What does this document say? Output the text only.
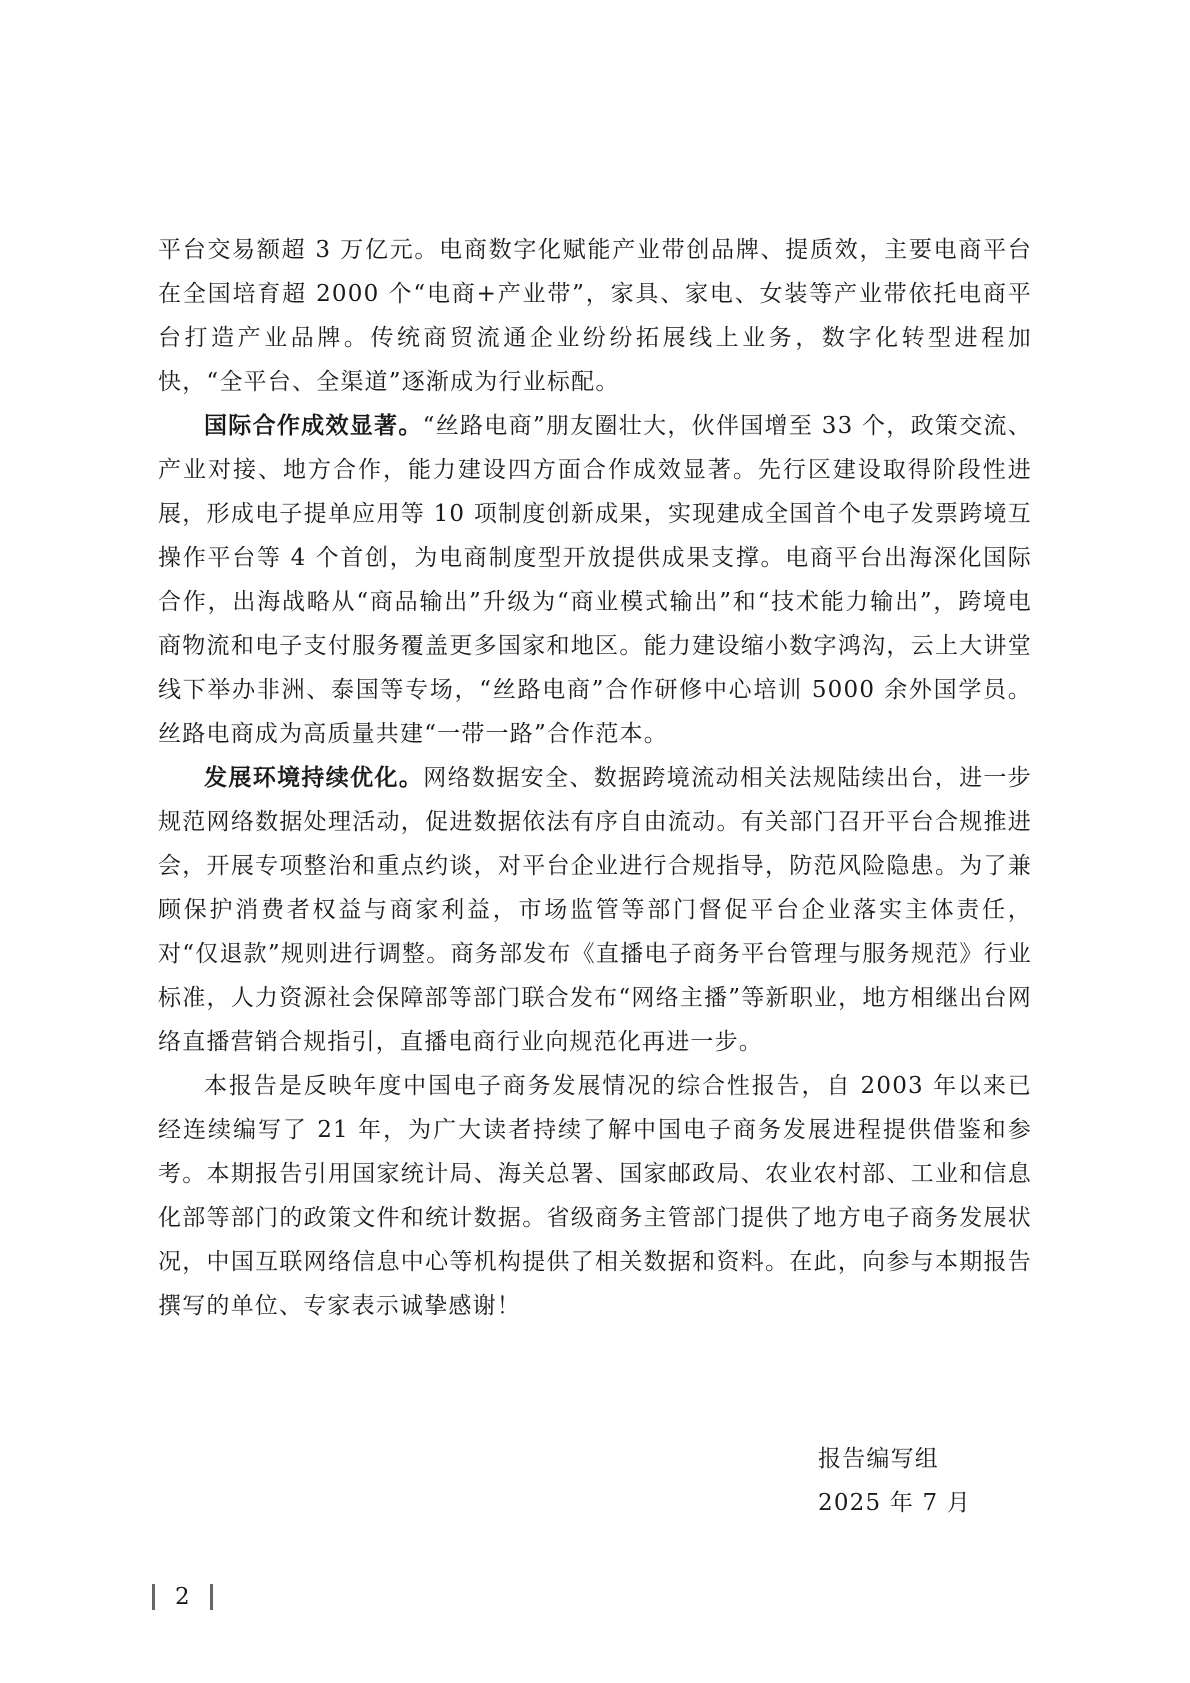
平台交易额超 3 万亿元。电商数字化赋能产业带创品牌、提质效，主要电商平台在全国培育超 2000 个“电商+产业带”，家具、家电、女装等产业带依托电商平台打造产业品牌。传统商贸流通企业纷纷拓展线上业务，数字化转型进程加快，“全平台、全渠道”逐渐成为行业标配。

国际合作成效显著。“丝路电商”朋友圈壮大，伙伴国增至 33 个，政策交流、产业对接、地方合作，能力建设四方面合作成效显著。先行区建设取得阶段性进展，形成电子提单应用等 10 项制度创新成果，实现建成全国首个电子发票跨境互操作平台等 4 个首创，为电商制度型开放提供成果支撑。电商平台出海深化国际合作，出海战略从“商品输出”升级为“商业模式输出”和“技术能力输出”，跨境电商物流和电子支付服务覆盖更多国家和地区。能力建设缩小数字鸿沟，云上大讲堂线下举办非洲、泰国等专场，“丝路电商”合作研修中心培训 5000 余外国学员。丝路电商成为高质量共建“一带一路”合作范本。

发展环境持续优化。网络数据安全、数据跨境流动相关法规陆续出台，进一步规范网络数据处理活动，促进数据依法有序自由流动。有关部门召开平台合规推进会，开展专项整治和重点约谈，对平台企业进行合规指导，防范风险隐患。为了兼顾保护消费者权益与商家利益，市场监管等部门督促平台企业落实主体责任，对“仅退款”规则进行调整。商务部发布《直播电子商务平台管理与服务规范》行业标准，人力资源社会保障部等部门联合发布“网络主播”等新职业，地方相继出台网络直播营销合规指引，直播电商行业向规范化再进一步。

本报告是反映年度中国电子商务发展情况的综合性报告，自 2003 年以来已经连续编写了 21 年，为广大读者持续了解中国电子商务发展进程提供借鉴和参考。本期报告引用国家统计局、海关总署、国家邮政局、农业农村部、工业和信息化部等部门的政策文件和统计数据。省级商务主管部门提供了地方电子商务发展状况，中国互联网络信息中心等机构提供了相关数据和资料。在此，向参与本期报告撰写的单位、专家表示诚挚感谢！

报告编写组
2025 年 7 月
2
